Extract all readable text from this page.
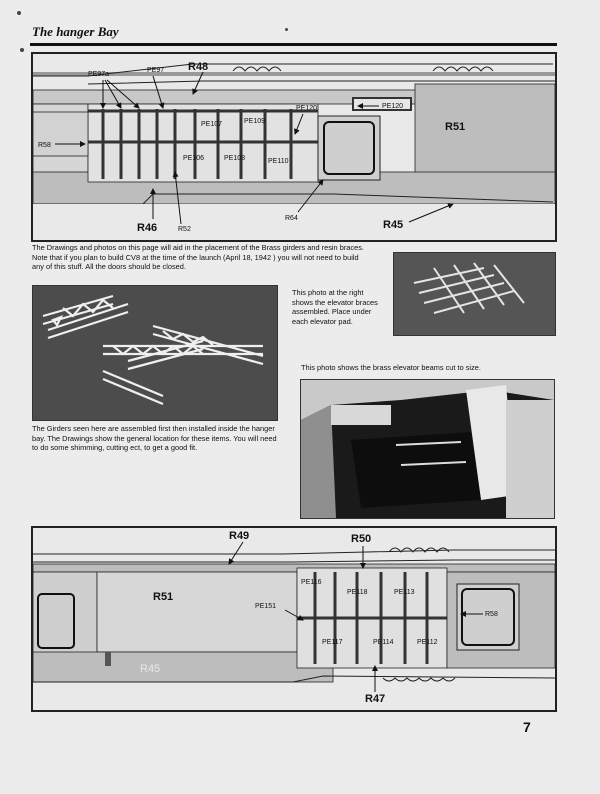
The hanger Bay
PE97a
PE97 R48
PE120	PE120
R51
R58
PE107	PE109
PE106	PE108	PE110
R64
R45
R46	R52
The Drawings and photos on this page will aid in the placement of the Brass girders and resin braces. Note that if you plan to build CV8 at the time of the launch (April 18, 1942 ) you will not need to build any of this stuff. All the doors should be closed.
The Girders seen here are assembled first then installed inside the hanger bay. The Drawings show the general location for these items. You will need to do some shimming, cutting ect, to get a good fit.
This photo at the right shows the elevator braces assembled. Place under each elevator pad.
This photo shows the brass elevator beams cut to size.
R49	R50
R51
PE116
PE118	PE113
PE151
R58
PE117	PE114	PE112
R45
R47
7
